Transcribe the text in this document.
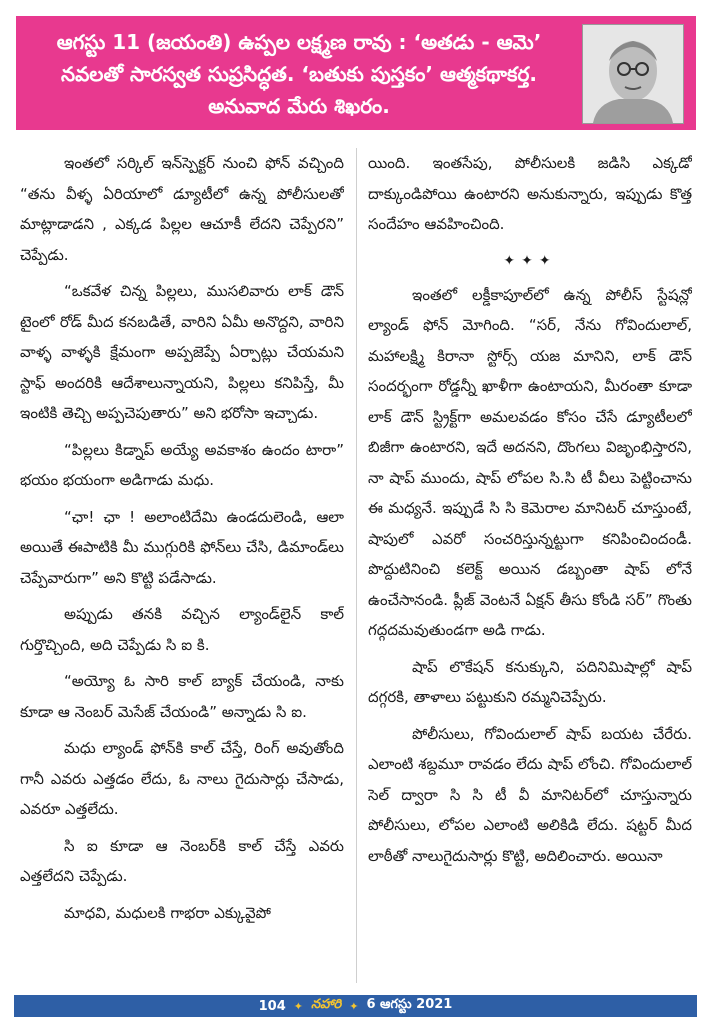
ఆగస్టు 11 (జయంతి) ఉప్పల లక్ష్మణ రావు : ‘అతడు - ఆమె’ నవలతో సారస్వత సుప్రసిద్ధత. ‘బతుకు పుస్తకం’ ఆత్మకథాకర్త. అనువాద మేరు శిఖరం.

ఇంతలో సర్కిల్ ఇన్‌స్పెక్టర్ నుంచి ఫోన్ వచ్చింది “తను వీళ్ళ ఏరియాలో డ్యూటీలో ఉన్న పోలీసులతో మాట్లాడాడని , ఎక్కడ పిల్లల ఆచూకీ లేదని చెప్పేరని” చెప్పేడు.

“ఒకవేళ చిన్న పిల్లలు, ముసలివారు లాక్ డౌన్ టైంలో రోడ్ మీద కనబడితే, వారిని ఏమీ అనొద్దని, వారిని వాళ్ళ వాళ్ళకి క్షేమంగా అప్పజెప్పే ఏర్పాట్లు చేయమని స్టాఫ్ అందరికి ఆదేశాలున్నాయని, పిల్లలు కనిపిస్తే, మీ ఇంటికి తెచ్చి అప్పచెపుతారు” అని భరోసా ఇచ్చాడు.

“పిల్లలు కిడ్నాప్ అయ్యే అవకాశం ఉందం టారా” భయం భయంగా అడిగాడు మధు.

“ఛా! ఛా ! అలాంటిదేమి ఉండదులెండి, ఆలా అయితే ఈపాటికి మీ ముగ్గురికి ఫోన్‌లు చేసి, డిమాండ్‌లు చెప్పేవారుగా” అని కొట్టి పడేసాడు.

అప్పుడు తనకి వచ్చిన ల్యాండ్‌లైన్ కాల్ గుర్తొచ్చింది, అది చెప్పేడు సి ఐ కి.

“అయ్యో ఓ సారి కాల్ బ్యాక్ చేయండి, నాకు కూడా ఆ నెంబర్ మెసేజ్ చేయండి” అన్నాడు సి ఐ.

మధు ల్యాండ్ ఫోన్‌కి కాల్ చేస్తే, రింగ్ అవుతోంది గానీ ఎవరు ఎత్తడం లేదు, ఓ నాలు గైదుసార్లు చేసాడు, ఎవరూ ఎత్తలేదు.

సి ఐ కూడా ఆ నెంబర్‌కి కాల్ చేస్తే ఎవరు ఎత్తలేదని చెప్పేడు.

మాధవి, మధులకి గాభరా ఎక్కువైపో

యింది. ఇంతసేపు, పోలీసులకి జడిసి ఎక్కడో దాక్కుండిపోయి ఉంటారని అనుకున్నారు, ఇప్పుడు కొత్త సందేహం ఆవహించింది.

✦✦✦

ఇంతలో లక్డీకాపూల్‌లో ఉన్న పోలీస్ స్టేషన్లో ల్యాండ్ ఫోన్ మోగింది. “సర్, నేను గోవిందులాల్, మహాలక్ష్మి కిరానా స్టోర్స్ యజ మానిని, లాక్ డౌన్ సందర్భంగా రోడ్డన్నీ ఖాళీగా ఉంటాయని, మీరంతా కూడా లాక్ డౌన్ స్ట్రిక్ట్‌గా అమలవడం కోసం చేసే డ్యూటీలలో బిజీగా ఉంటారని, ఇదే అదనని, దొంగలు విజృంభిస్తారని, నా షాప్ ముందు, షాప్ లోపల సి.సి టీ వీలు పెట్టించాను ఈ మధ్యనే. ఇప్పుడే సి సి కెమెరాల మానిటర్ చూస్తుంటే, షాపులో ఎవరో సంచరిస్తున్నట్టుగా కనిపించిందండీ. పొద్దుటినించి కలెక్ట్ అయిన డబ్బంతా షాప్ లోనే ఉంచేసానండి. ప్లీజ్ వెంటనే ఏక్షన్ తీసు కోండి సర్” గొంతు గద్గదమవుతుండగా అడి గాడు.

షాప్ లొకేషన్ కనుక్కుని, పదినిమిషాల్లో షాప్ దగ్గరకి, తాళాలు పట్టుకుని రమ్మనిచెప్పేరు.

పోలీసులు, గోవిందులాల్ షాప్ బయట చేరేరు. ఎలాంటి శబ్దమూ రావడం లేదు షాప్ లోంచి. గోవిందులాల్ సెల్ ద్వారా సి సి టీ వీ మానిటర్‌లో చూస్తున్నారు పోలీసులు, లోపల ఎలాంటి అలికిడి లేదు. షట్టర్ మీద లాఠీతో నాలుగైదుసార్లు కొట్టి, అదిలించారు. అయినా

104 ✦ నహారి ✦ 6 ఆగస్టు 2021
